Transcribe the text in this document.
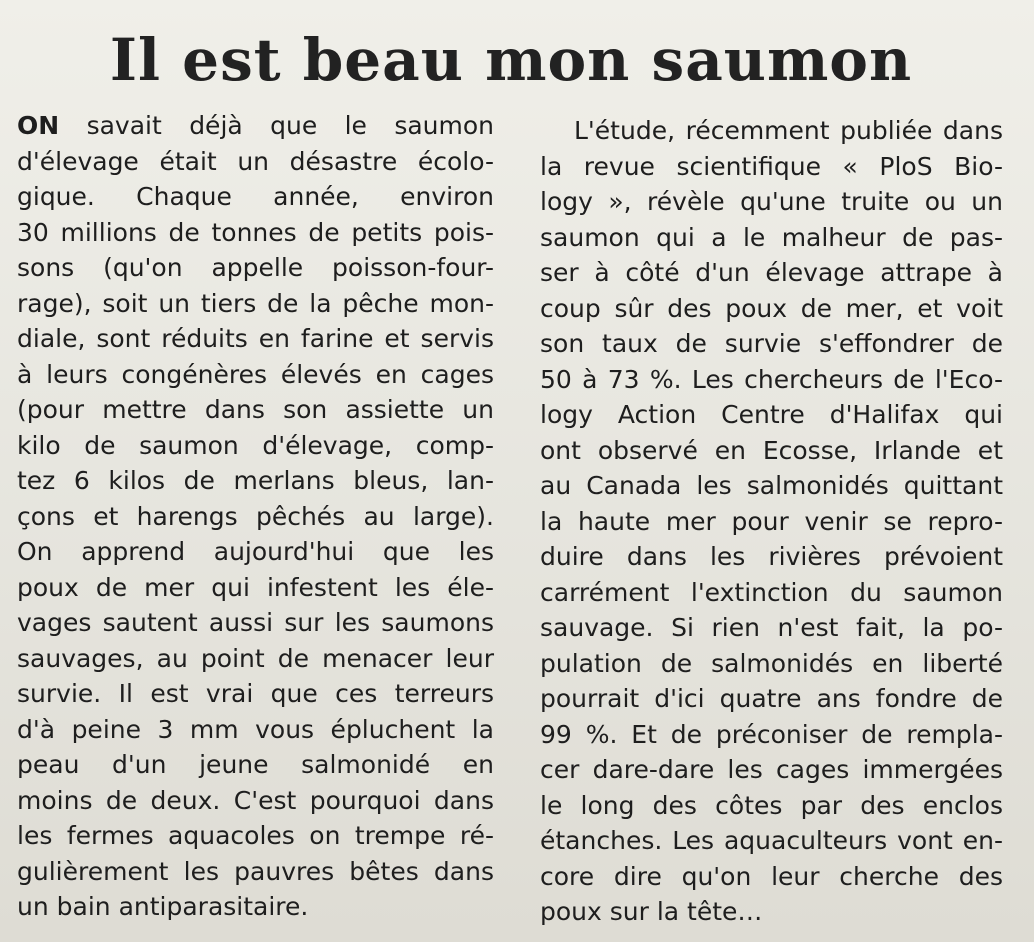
Il est beau mon saumon
ON savait déjà que le saumon
d'élevage était un désastre écolo-
gique. Chaque année, environ
30 millions de tonnes de petits pois-
sons (qu'on appelle poisson-four-
rage), soit un tiers de la pêche mon-
diale, sont réduits en farine et servis
à leurs congénères élevés en cages
(pour mettre dans son assiette un
kilo de saumon d'élevage, comp-
tez 6 kilos de merlans bleus, lan-
çons et harengs pêchés au large).
On apprend aujourd'hui que les
poux de mer qui infestent les éle-
vages sautent aussi sur les saumons
sauvages, au point de menacer leur
survie. Il est vrai que ces terreurs
d'à peine 3 mm vous épluchent la
peau d'un jeune salmonidé en
moins de deux. C'est pourquoi dans
les fermes aquacoles on trempe ré-
gulièrement les pauvres bêtes dans
un bain antiparasitaire.
L'étude, récemment publiée dans
la revue scientifique « PloS Bio-
logy », révèle qu'une truite ou un
saumon qui a le malheur de pas-
ser à côté d'un élevage attrape à
coup sûr des poux de mer, et voit
son taux de survie s'effondrer de
50 à 73 %. Les chercheurs de l'Eco-
logy Action Centre d'Halifax qui
ont observé en Ecosse, Irlande et
au Canada les salmonidés quittant
la haute mer pour venir se repro-
duire dans les rivières prévoient
carrément l'extinction du saumon
sauvage. Si rien n'est fait, la po-
pulation de salmonidés en liberté
pourrait d'ici quatre ans fondre de
99 %. Et de préconiser de rempla-
cer dare-dare les cages immergées
le long des côtes par des enclos
étanches. Les aquaculteurs vont en-
core dire qu'on leur cherche des
poux sur la tête…
